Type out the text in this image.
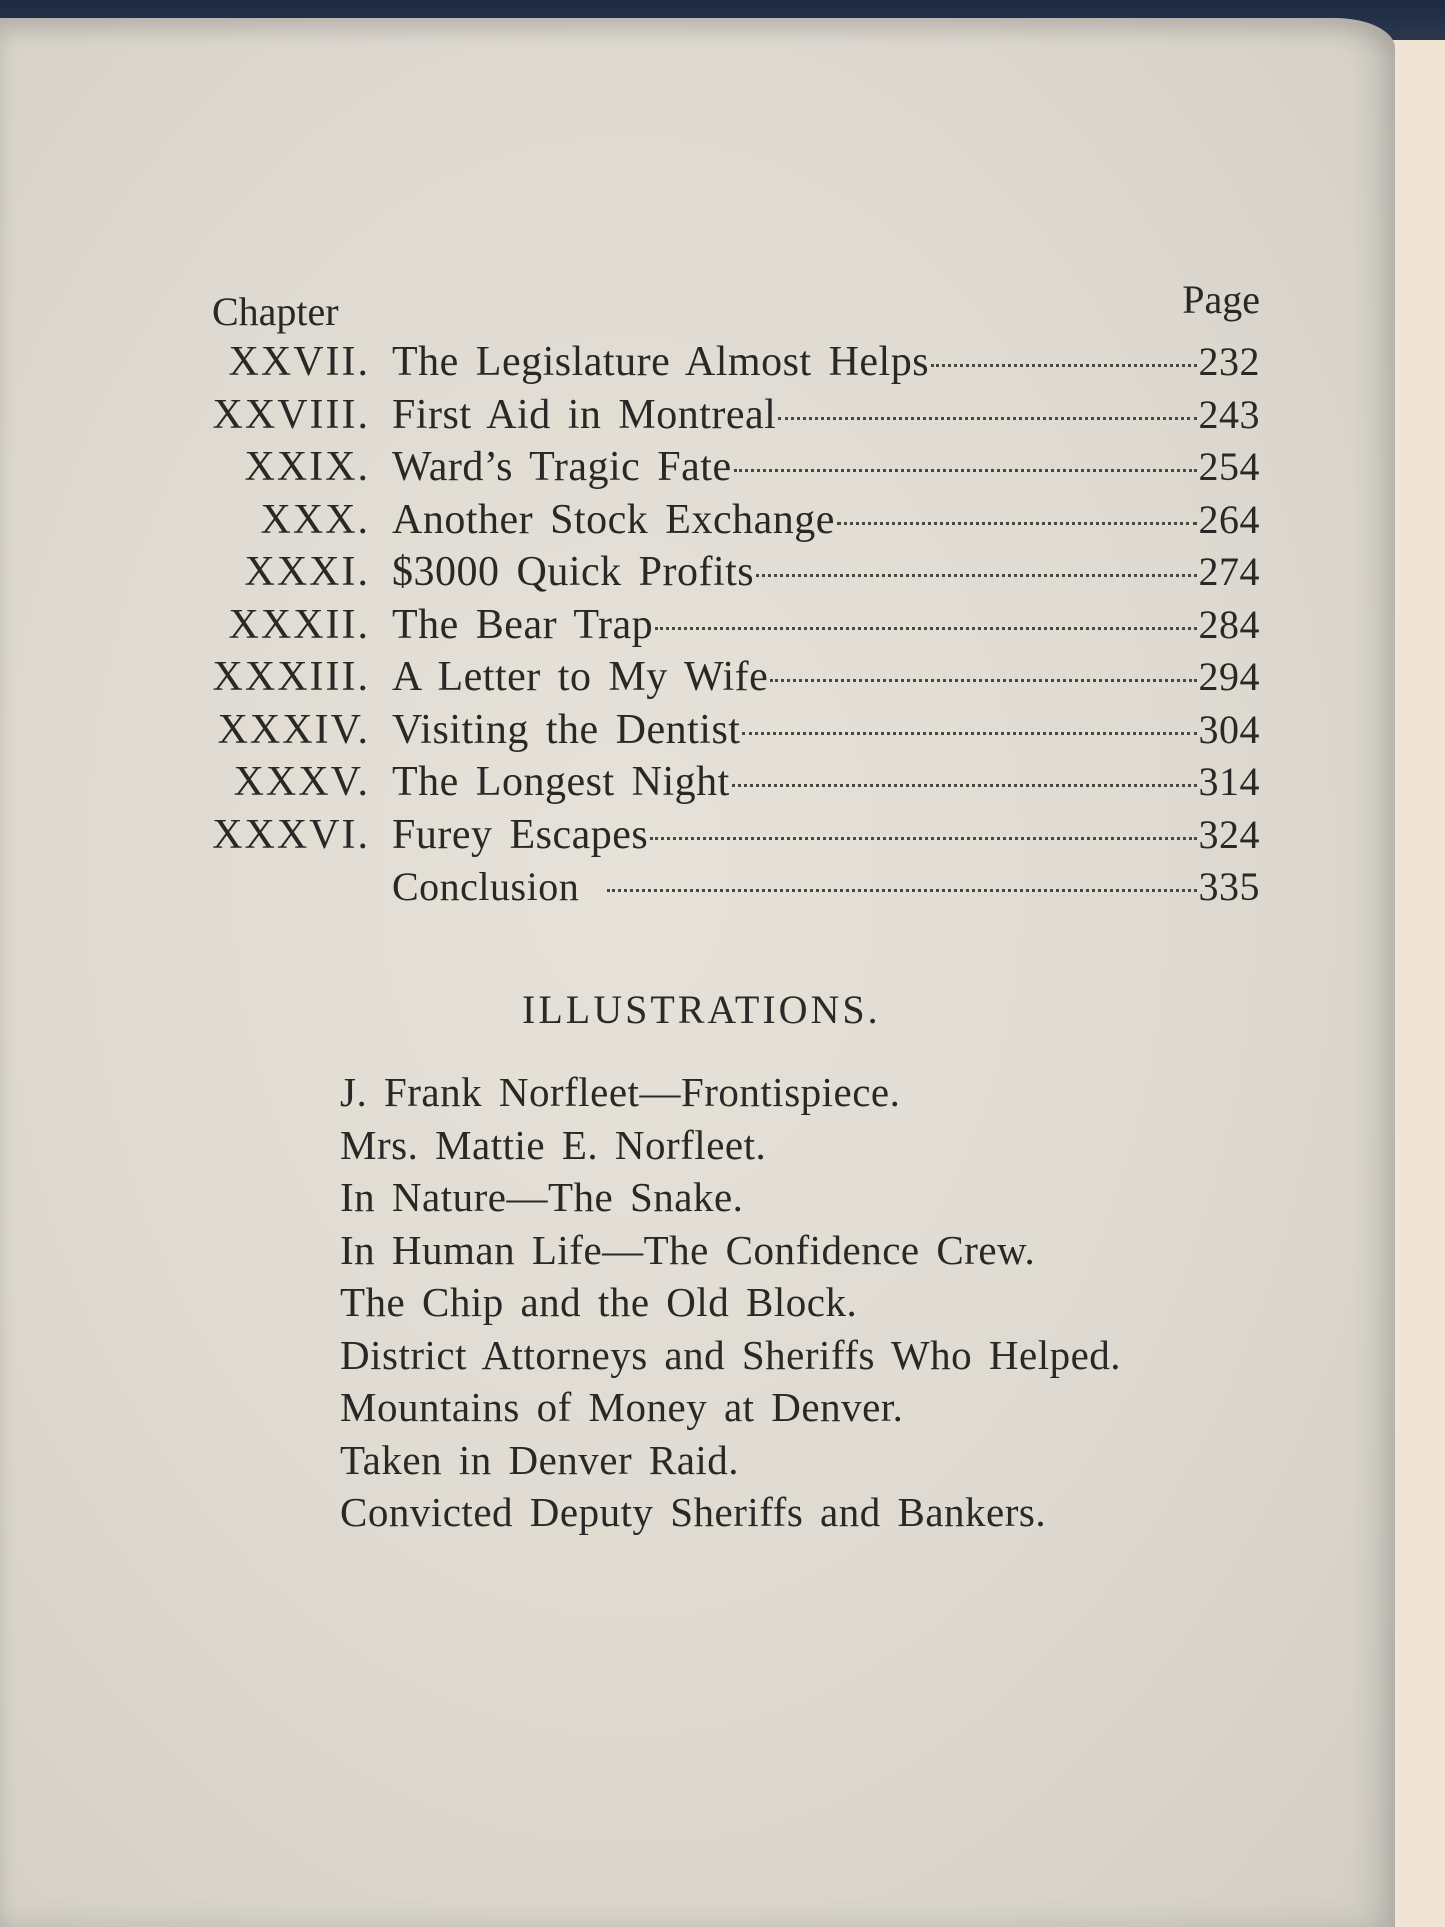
Chapter	Page
XXVII. The Legislature Almost Helps	232
XXVIII. First Aid in Montreal	243
XXIX. Ward’s Tragic Fate	254
XXX. Another Stock Exchange	264
XXXI. $3000 Quick Profits	274
XXXII. The Bear Trap	284
XXXIII. A Letter to My Wife	294
XXXIV. Visiting the Dentist	304
XXXV. The Longest Night	314
XXXVI. Furey Escapes	324
Conclusion	335
ILLUSTRATIONS.
J. Frank Norfleet—Frontispiece.
Mrs. Mattie E. Norfleet.
In Nature—The Snake.
In Human Life—The Confidence Crew.
The Chip and the Old Block.
District Attorneys and Sheriffs Who Helped.
Mountains of Money at Denver.
Taken in Denver Raid.
Convicted Deputy Sheriffs and Bankers.
